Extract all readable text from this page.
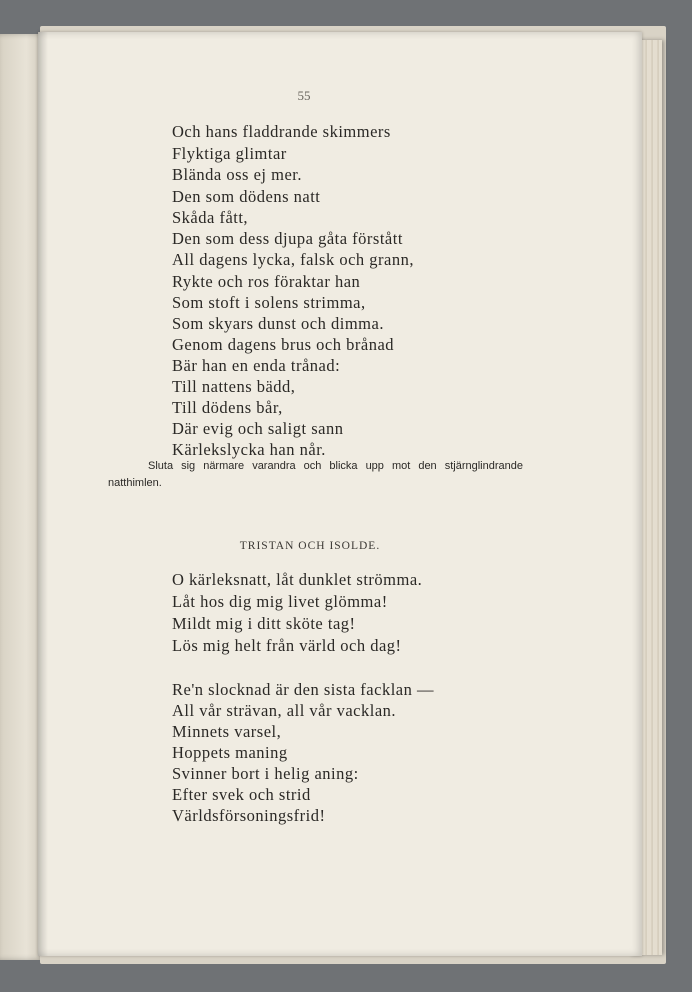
55
Och hans fladdrande skimmers
Flyktiga glimtar
Blända oss ej mer.
Den som dödens natt
Skåda fått,
Den som dess djupa gåta förstått
All dagens lycka, falsk och grann,
Rykte och ros föraktar han
Som stoft i solens strimma,
Som skyars dunst och dimma.
Genom dagens brus och brånad
Bär han en enda trånad:
Till nattens bädd,
Till dödens bår,
Där evig och saligt sann
Kärlekslycka han når.
Sluta sig närmare varandra och blicka upp mot den stjärnglindrande natthimlen.
TRISTAN OCH ISOLDE.
O kärleksnatt, låt dunklet strömma.
Låt hos dig mig livet glömma!
Mildt mig i ditt sköte tag!
Lös mig helt från värld och dag!
Re'n slocknad är den sista facklan —
All vår strävan, all vår vacklan.
Minnets varsel,
Hoppets maning
Svinner bort i helig aning:
Efter svek och strid
Världsförsoningsfrid!
